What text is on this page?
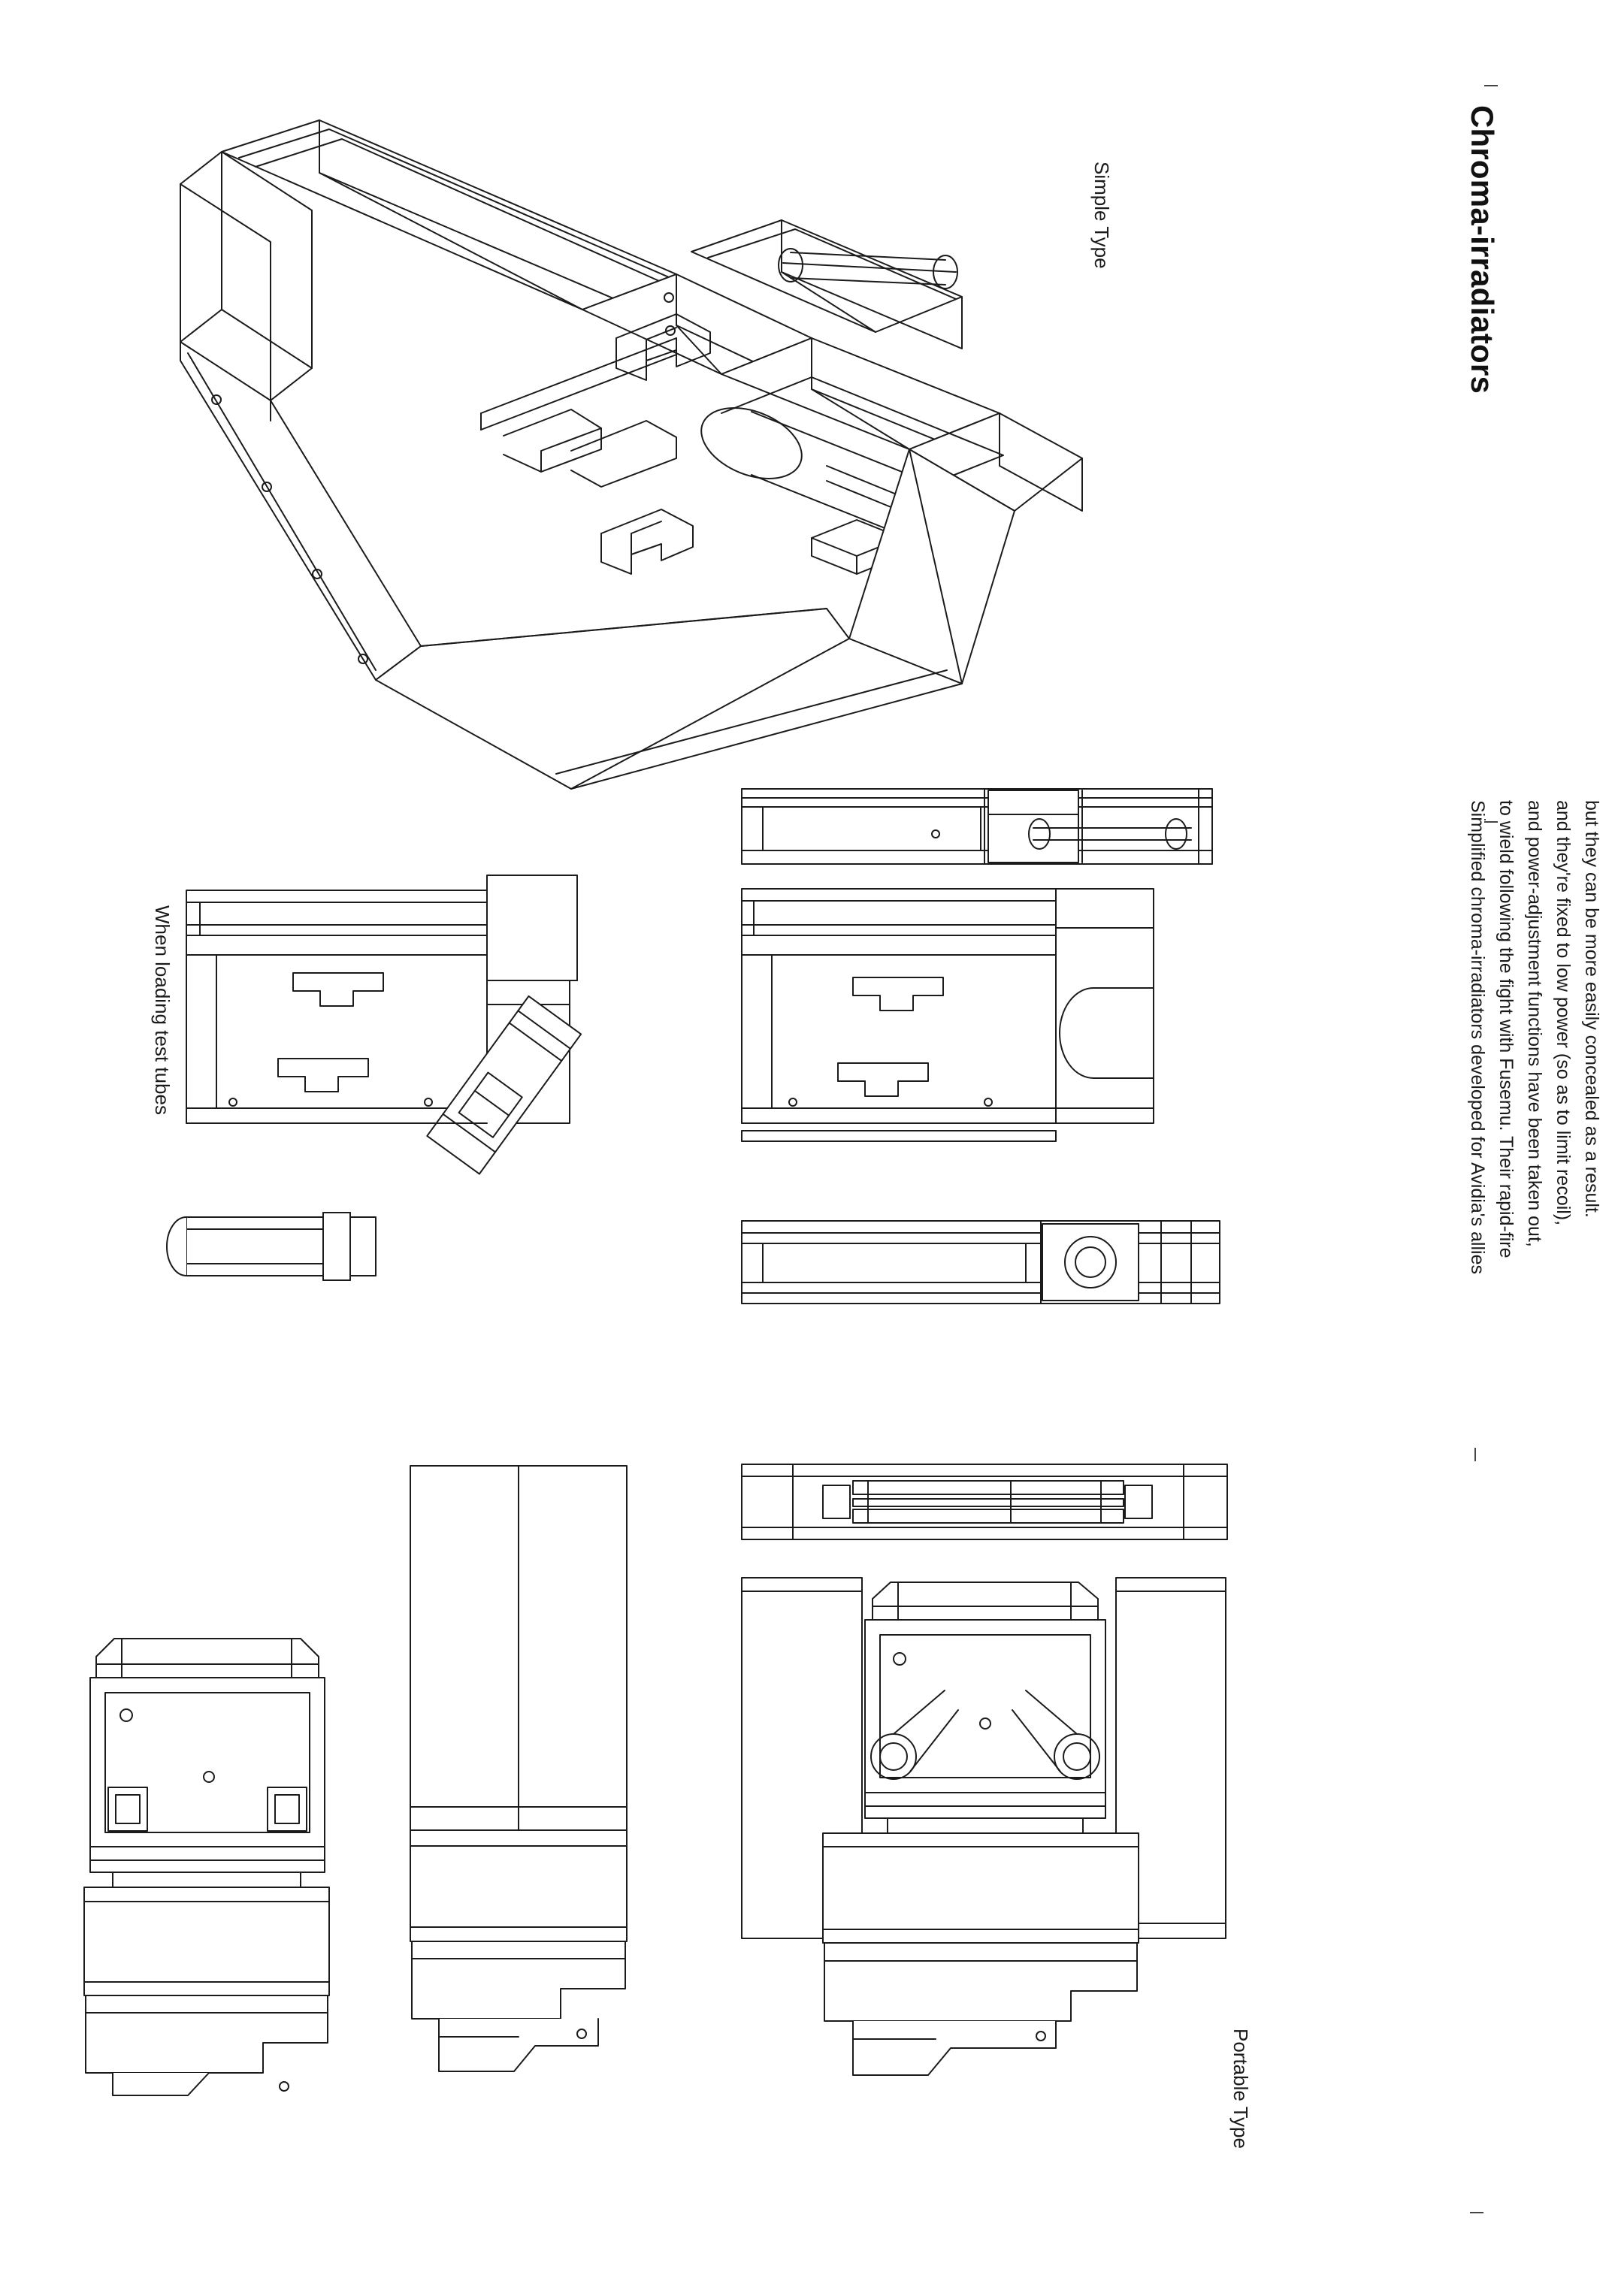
Chroma-irradiators
Simplified chroma-irradiators developed for Avidia's allies to wield following the fight with Fusemu. Their rapid-fire and power-adjustment functions have been taken out, and they're fixed to low power (so as to limit recoil), but they can be more easily concealed as a result.
Simple Type
When loading test tubes
Portable Type
